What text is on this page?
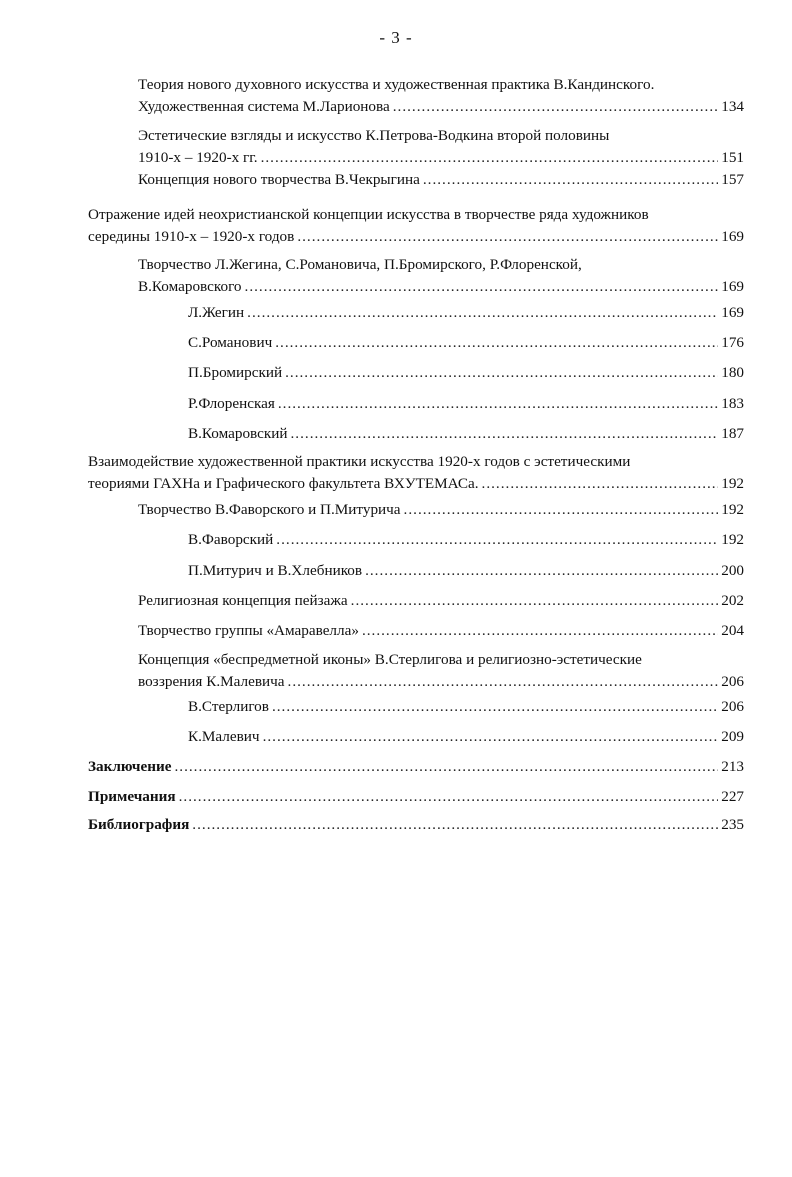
- 3 -
Теория нового духовного искусства и художественная практика В.Кандинского.
Художественная система М.Ларионова .....	134
Эстетические взгляды и искусство К.Петрова-Водкина второй половины
1910-х – 1920-х гг. .....	151
Концепция нового творчества В.Чекрыгина .....	157
Отражение идей неохристианской концепции искусства в творчестве ряда художников
середины 1910-х – 1920-х годов .....	169
Творчество Л.Жегина, С.Романовича, П.Бромирского, Р.Флоренской,
В.Комаровского .....	169
Л.Жегин .....	169
С.Романович .....	176
П.Бромирский .....	180
Р.Флоренская .....	183
В.Комаровский .....	187
Взаимодействие художественной практики искусства 1920-х годов с эстетическими
теориями ГАХНа и Графического факультета ВХУТЕМАСа. .....	192
Творчество В.Фаворского и П.Митурича .....	192
В.Фаворский .....	192
П.Митурич и В.Хлебников .....	200
Религиозная концепция пейзажа .....	202
Творчество группы «Амаравелла» .....	204
Концепция «беспредметной иконы» В.Стерлигова и религиозно-эстетические
воззрения К.Малевича .....	206
В.Стерлигов .....	206
К.Малевич .....	209
Заключение .....	213
Примечания .....	227
Библиография .....	235
